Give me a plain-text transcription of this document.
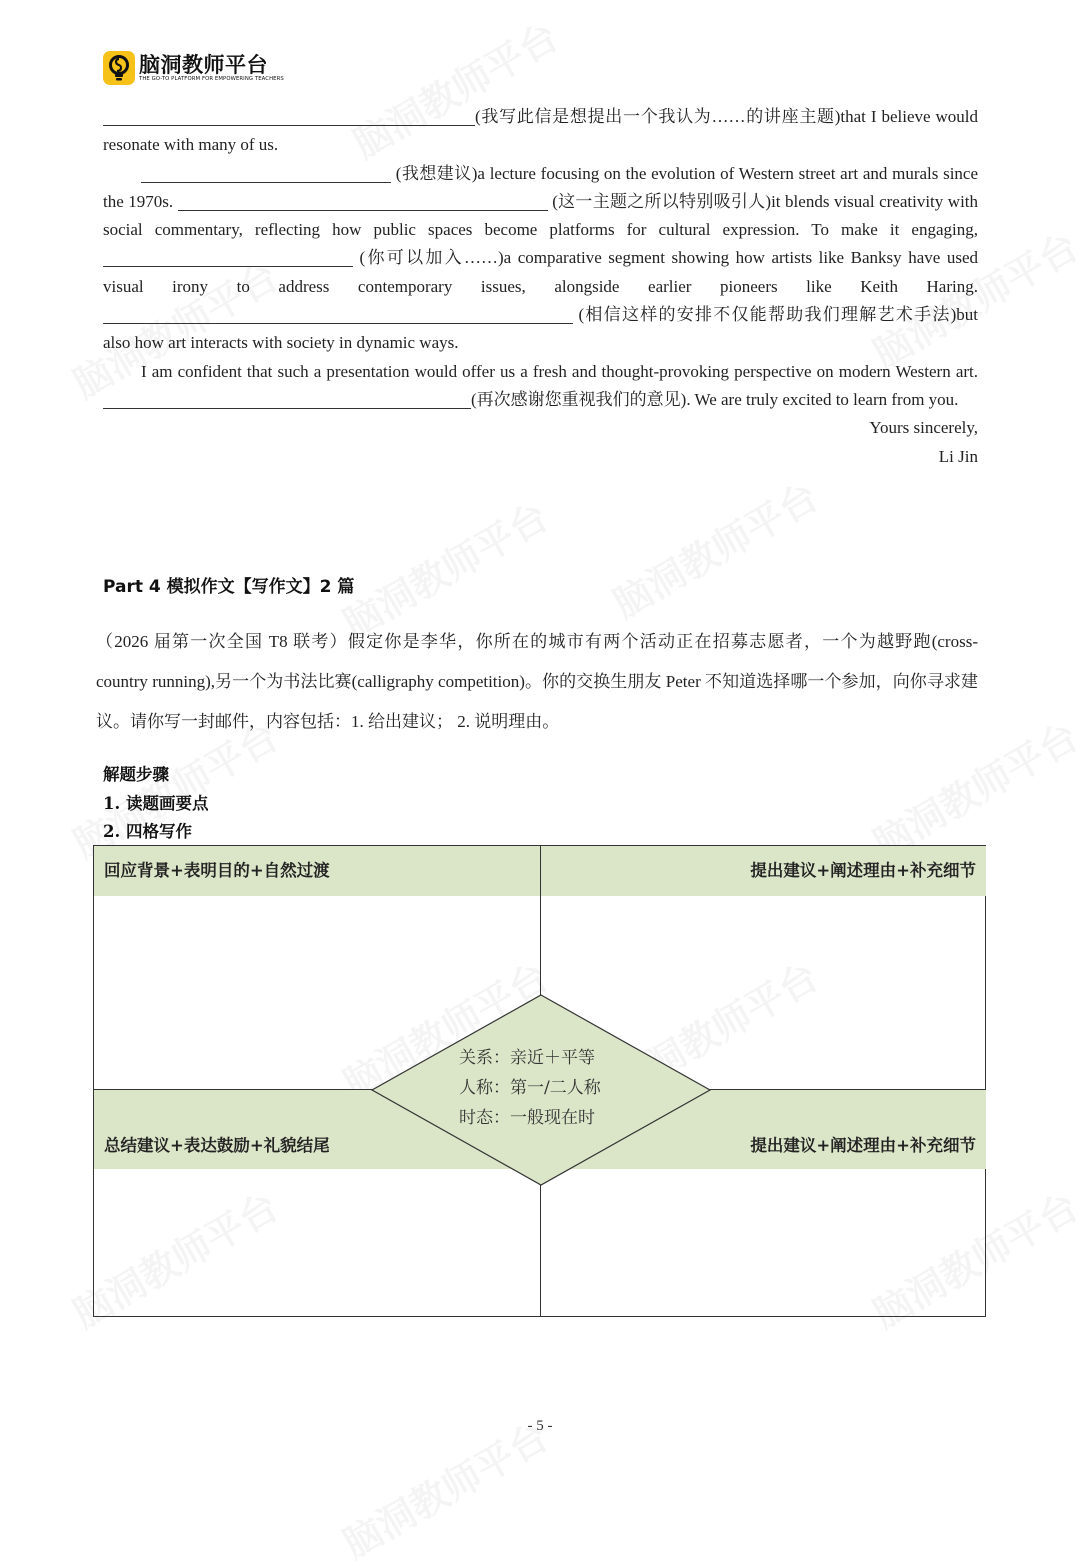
脑洞教师平台
THE GO-TO PLATFORM FOR EMPOWERING TEACHERS

(我写此信是想提出一个我认为……的讲座主题)that I believe would resonate with many of us.

(我想建议)a lecture focusing on the evolution of Western street art and murals since the 1970s.	(这一主题之所以特别吸引人)it blends visual creativity with social commentary, reflecting how public spaces become platforms for cultural expression. To make it engaging,  (你可以加入……)a comparative segment showing how artists like Banksy have used visual irony to address contemporary issues, alongside earlier pioneers like Keith Haring.  (相信这样的安排不仅能帮助我们理解艺术手法)but also how art interacts with society in dynamic ways.

I am confident that such a presentation would offer us a fresh and thought-provoking perspective on modern Western art. (再次感谢您重视我们的意见). We are truly excited to learn from you.

Yours sincerely,

Li Jin

Part 4 模拟作文【写作文】2 篇
（2026 届第一次全国 T8 联考）假定你是李华，你所在的城市有两个活动正在招募志愿者，一个为越野跑(cross- country running),另一个为书法比赛(calligraphy competition)。你的交换生朋友 Peter 不知道选择哪一个参加，向你寻求建议。请你写一封邮件，内容包括：1. 给出建议； 2. 说明理由。
解题步骤
1. 读题画要点
2. 四格写作
回应背景+表明目的+自然过渡	提出建议+阐述理由+补充细节
总结建议+表达鼓励+礼貌结尾	提出建议+阐述理由+补充细节
关系：亲近＋平等
人称：第一/二人称
时态：一般现在时
- 5 -
